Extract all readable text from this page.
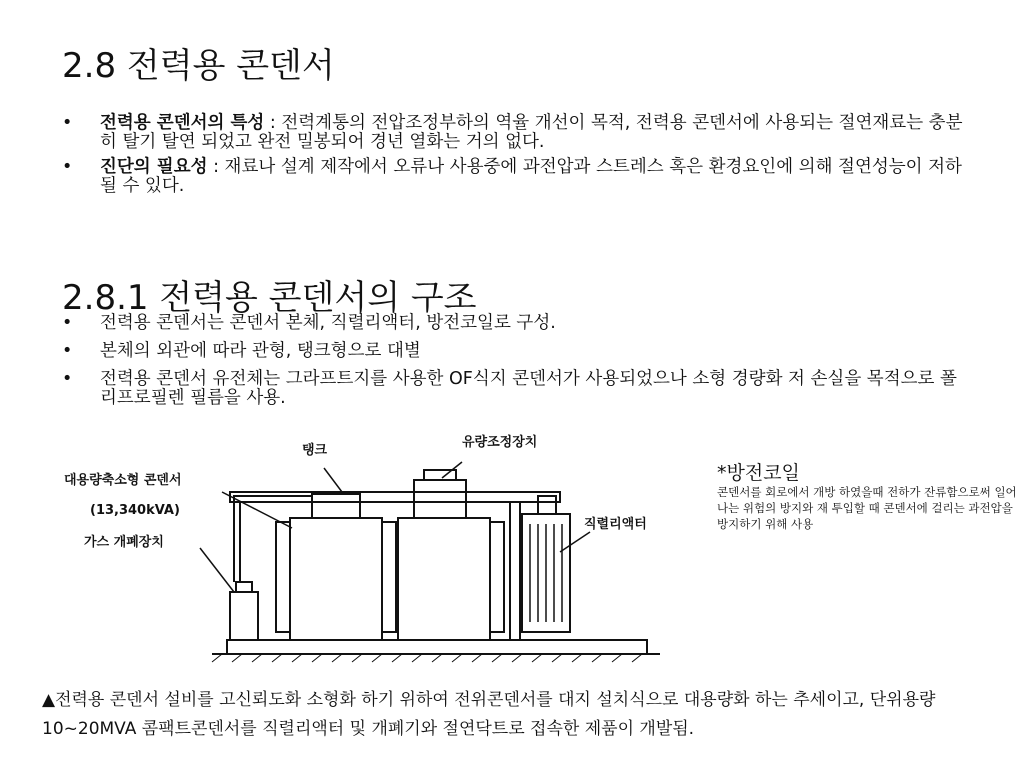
2.8 전력용 콘덴서
• 전력용 콘덴서의 특성 : 전력계통의 전압조정부하의 역율 개선이 목적, 전력용 콘덴서에 사용되는 절연재료는 충분히 탈기 탈연 되었고 완전 밀봉되어 경년 열화는 거의 없다.
• 진단의 필요성 : 재료나 설계 제작에서 오류나 사용중에 과전압과 스트레스 혹은 환경요인에 의해 절연성능이 저하될 수 있다.
2.8.1 전력용 콘덴서의 구조
• 전력용 콘덴서는 콘덴서 본체, 직렬리액터, 방전코일로 구성.
• 본체의 외관에 따라 관형, 탱크형으로 대별
• 전력용 콘덴서 유전체는 그라프트지를 사용한 OF식지 콘덴서가 사용되었으나 소형 경량화 저 손실을 목적으로 폴리프로필렌 필름을 사용.
탱크
유량조정장치
대용량축소형 콘덴서
(13,340kVA)
가스 개폐장치
직렬리액터
*방전코일
콘덴서를 회로에서 개방 하였을때 전하가 잔류함으로써 일어나는 위험의 방지와 재 투입할 때 콘덴서에 걸리는 과전압을 방지하기 위해 사용
▲전력용 콘덴서 설비를 고신뢰도화 소형화 하기 위하여 전위콘덴서를 대지 설치식으로 대용량화 하는 추세이고, 단위용량 10~20MVA 콤팩트콘덴서를 직렬리액터 및 개폐기와 절연닥트로 접속한 제품이 개발됨.
